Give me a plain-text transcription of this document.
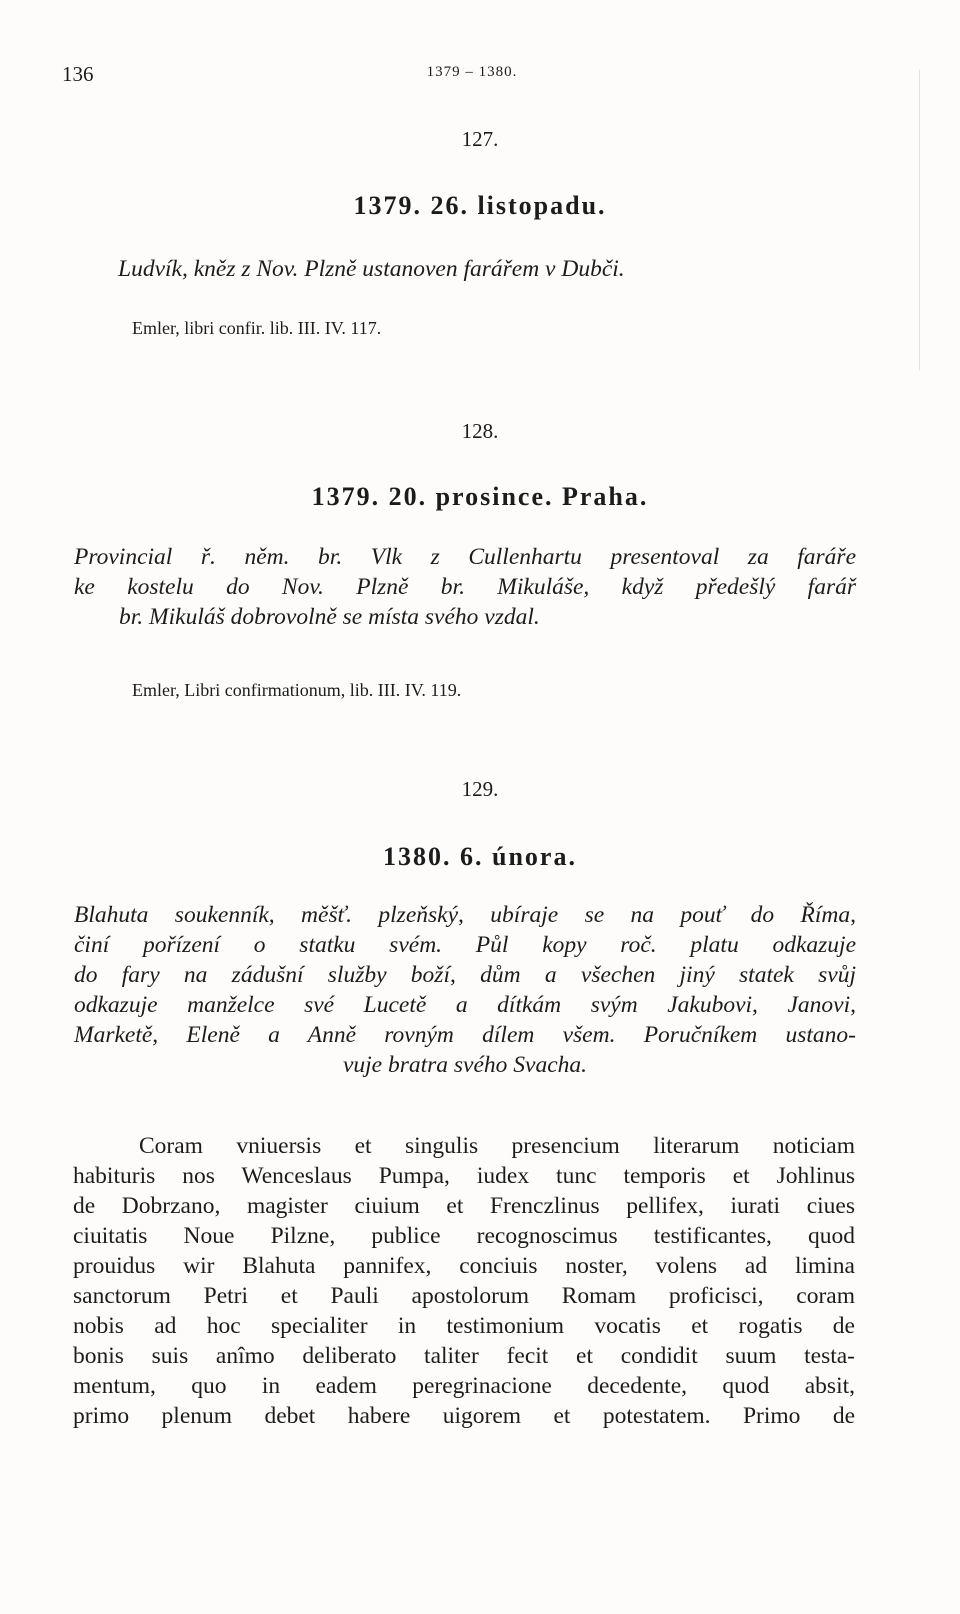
136	1379 – 1380.
127.
1379. 26. listopadu.
Ludvík, kněz z Nov. Plzně ustanoven farářem v Dubči.
Emler, libri confir. lib. III. IV. 117.
128.
1379. 20. prosince. Praha.
Provincial ř. něm. br. Vlk z Cullenhartu presentoval za faráře
ke kostelu do Nov. Plzně br. Mikuláše, když předešlý farář
br. Mikuláš dobrovolně se místa svého vzdal.
Emler, Libri confirmationum, lib. III. IV. 119.
129.
1380. 6. února.
Blahuta soukenník, měšť. plzeňský, ubíraje se na pouť do Říma,
činí pořízení o statku svém. Půl kopy roč. platu odkazuje
do fary na zádušní služby boží, dům a všechen jiný statek svůj
odkazuje manželce své Lucetě a dítkám svým Jakubovi, Janovi,
Marketě, Eleně a Anně rovným dílem všem. Poručníkem ustano-
vuje bratra svého Svacha.
Coram vniuersis et singulis presencium literarum noticiam
habituris nos Wenceslaus Pumpa, iudex tunc temporis et Johlinus
de Dobrzano, magister ciuium et Frenczlinus pellifex, iurati ciues
ciuitatis Noue Pilzne, publice recognoscimus testificantes, quod
prouidus wir Blahuta pannifex, conciuis noster, volens ad limina
sanctorum Petri et Pauli apostolorum Romam proficisci, coram
nobis ad hoc specialiter in testimonium vocatis et rogatis de
bonis suis anîmo deliberato taliter fecit et condidit suum testa-
mentum, quo in eadem peregrinacione decedente, quod absit,
primo plenum debet habere uigorem et potestatem. Primo de
